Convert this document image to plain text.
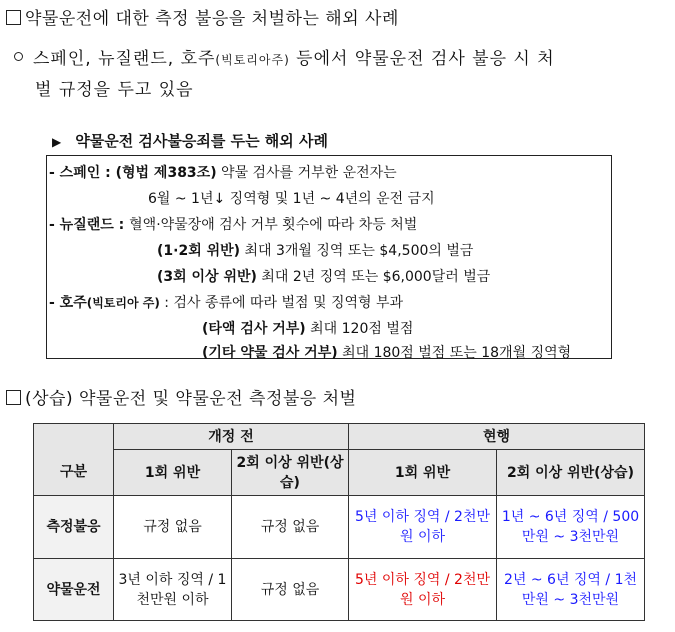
약물운전에 대한 측정 불응을 처벌하는 해외 사례
스페인, 뉴질랜드, 호주(빅토리아주) 등에서 약물운전 검사 불응 시 처
벌 규정을 두고 있음
▶ 약물운전 검사불응죄를 두는 해외 사례
- 스페인 : (형법 제383조) 약물 검사를 거부한 운전자는
6월 ~ 1년↓ 징역형 및 1년 ~ 4년의 운전 금지
- 뉴질랜드 : 혈액·약물장애 검사 거부 횟수에 따라 차등 처벌
(1·2회 위반) 최대 3개월 징역 또는 $4,500의 벌금
(3회 이상 위반) 최대 2년 징역 또는 $6,000달러 벌금
- 호주(빅토리아 주) : 검사 종류에 따라 벌점 및 징역형 부과
(타액 검사 거부) 최대 120점 벌점
(기타 약물 검사 거부) 최대 180점 벌점 또는 18개월 징역형
(상습) 약물운전 및 약물운전 측정불응 처벌
	개정 전		현행	
구분	1회 위반	2회 이상 위반(상습)	1회 위반	2회 이상 위반(상습)
측정불응	규정 없음	규정 없음	5년 이하 징역 / 2천만원 이하	1년 ~ 6년 징역 / 500만원 ~ 3천만원
약물운전	3년 이하 징역 / 1천만원 이하	규정 없음	5년 이하 징역 / 2천만원 이하	2년 ~ 6년 징역 / 1천만원 ~ 3천만원
